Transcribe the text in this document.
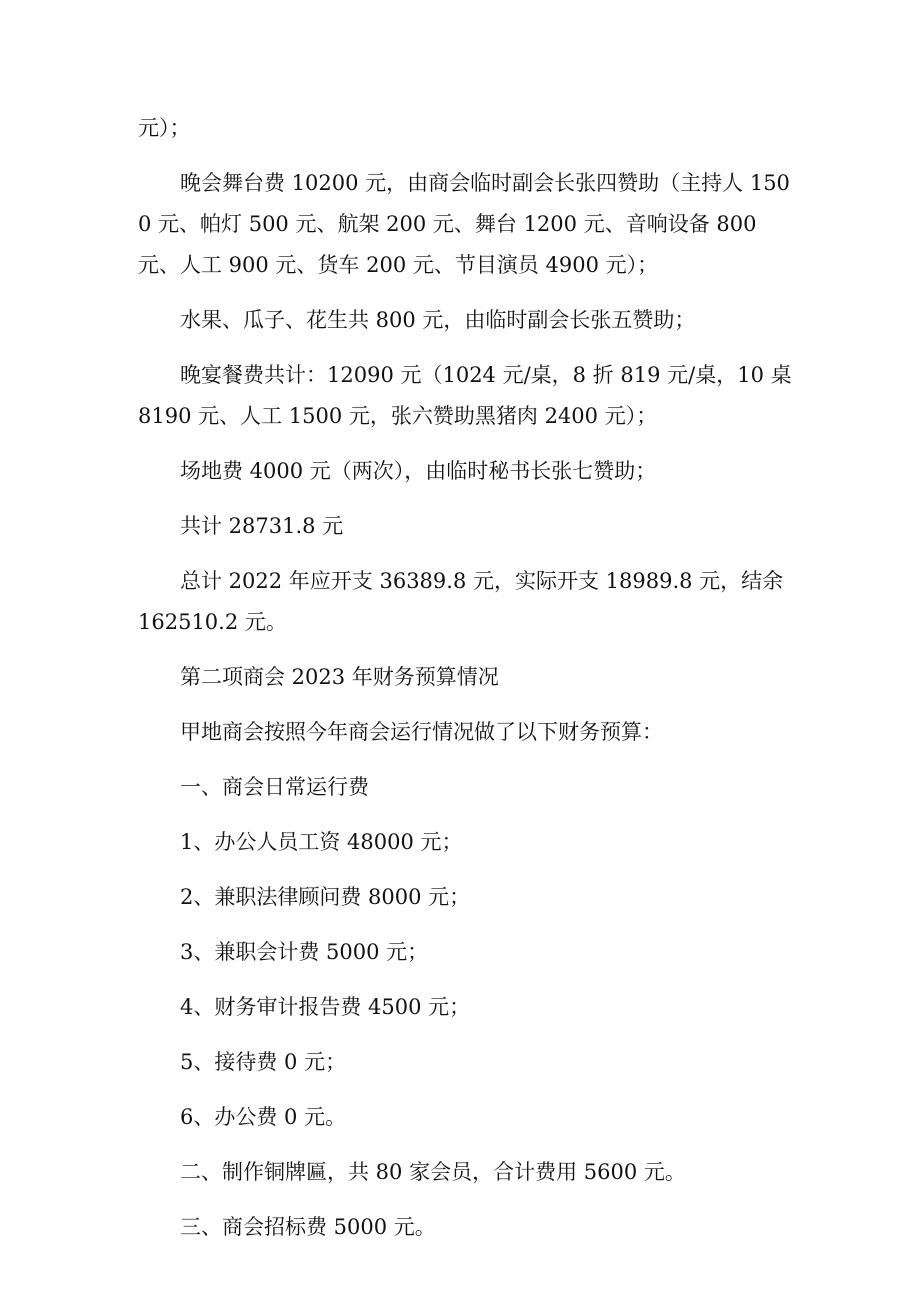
元）；

晚会舞台费 10200 元，由商会临时副会长张四赞助（主持人 1500 元、帕灯 500 元、航架 200 元、舞台 1200 元、音响设备 800 元、人工 900 元、货车 200 元、节目演员 4900 元）；

水果、瓜子、花生共 800 元，由临时副会长张五赞助；

晚宴餐费共计：12090 元（1024 元/桌，8 折 819 元/桌，10 桌 8190 元、人工 1500 元，张六赞助黑猪肉 2400 元）；

场地费 4000 元（两次），由临时秘书长张七赞助；

共计 28731.8 元

总计 2022 年应开支 36389.8 元，实际开支 18989.8 元，结余 162510.2 元。

第二项商会 2023 年财务预算情况

甲地商会按照今年商会运行情况做了以下财务预算：

一、商会日常运行费

1、办公人员工资 48000 元；

2、兼职法律顾问费 8000 元；

3、兼职会计费 5000 元；

4、财务审计报告费 4500 元；

5、接待费 0 元；

6、办公费 0 元。

二、制作铜牌匾，共 80 家会员，合计费用 5600 元。

三、商会招标费 5000 元。
